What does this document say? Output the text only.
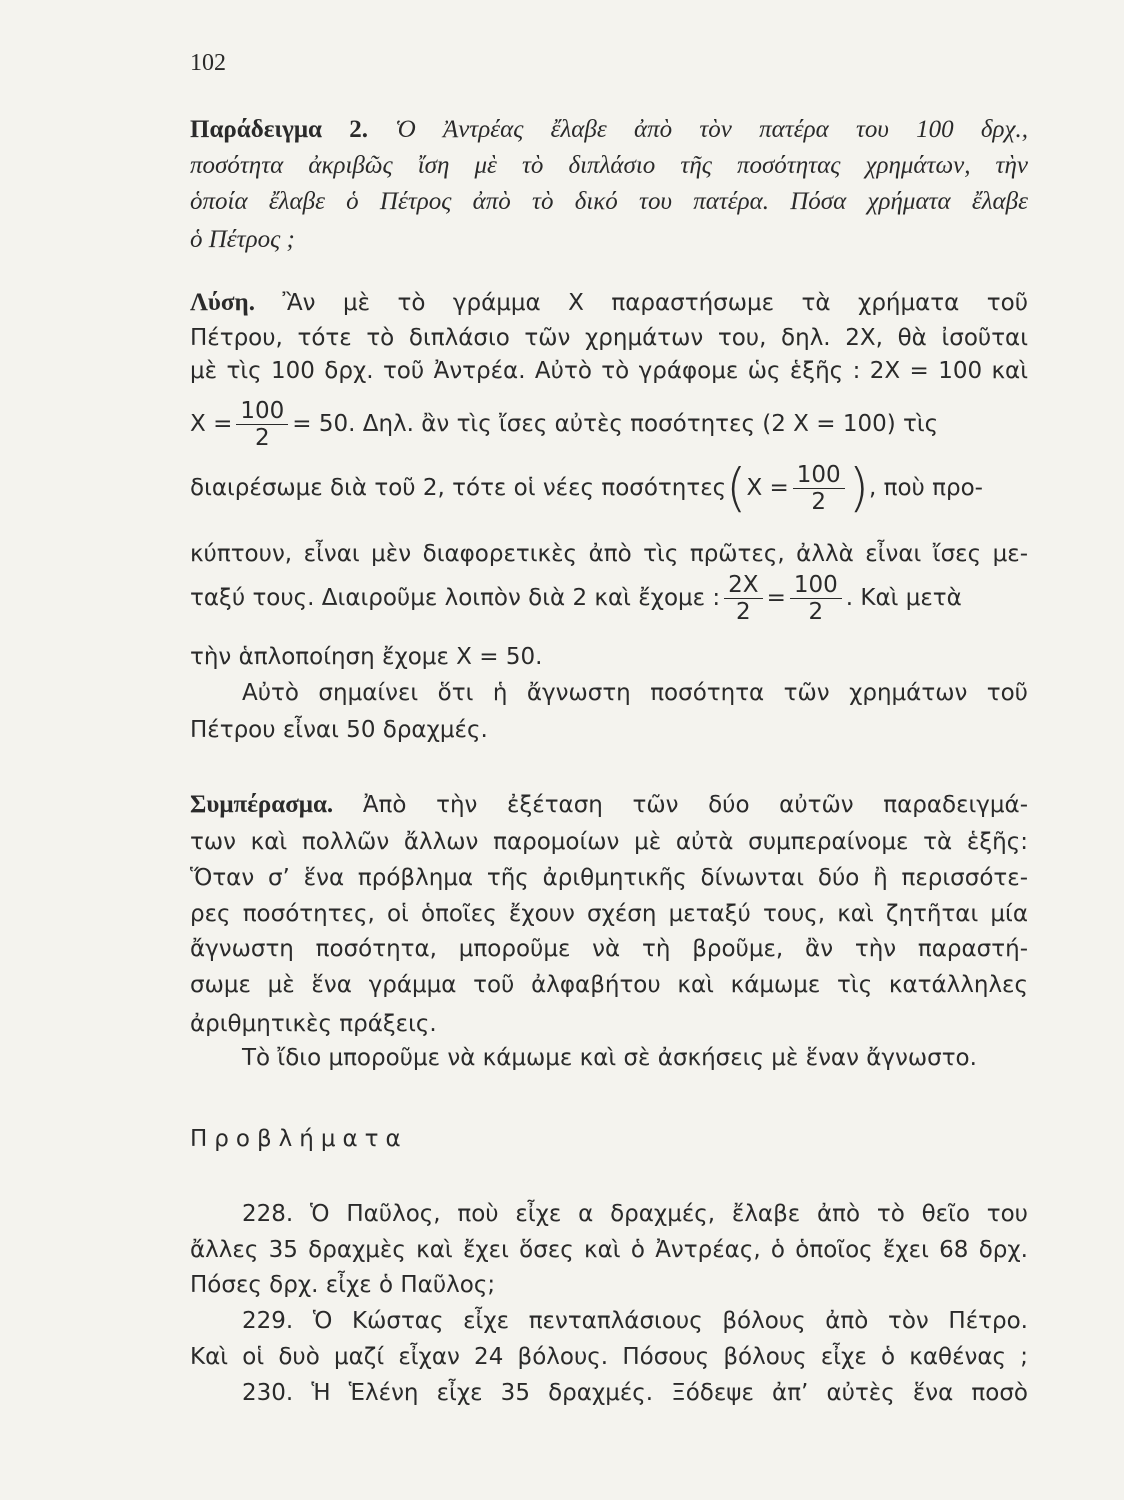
102
Παράδειγμα 2. Ὁ Ἀντρέας ἔλαβε ἀπὸ τὸν πατέρα του 100 δρχ.,
ποσότητα ἀκριβῶς ἴση μὲ τὸ διπλάσιο τῆς ποσότητας χρημάτων, τὴν
ὁποία ἔλαβε ὁ Πέτρος ἀπὸ τὸ δικό του πατέρα. Πόσα χρήματα ἔλαβε
ὁ Πέτρος ;
Λύση. Ἂν μὲ τὸ γράμμα Χ παραστήσωμε τὰ χρήματα τοῦ
Πέτρου, τότε τὸ διπλάσιο τῶν χρημάτων του, δηλ. 2Χ, θὰ ἰσοῦται
μὲ τὶς 100 δρχ. τοῦ Ἀντρέα. Αὐτὸ τὸ γράφομε ὡς ἑξῆς : 2Χ = 100 καὶ
$X = \frac{100}{2} = 50$. Δηλ. ἂν τὶς ἴσες αὐτὲς ποσότητες (2 Χ = 100) τὶς
διαιρέσωμε διὰ τοῦ 2, τότε οἱ νέες $\pi o\sigma ό\tau\eta\tau\varepsilon\varsigma(X = \frac{100}{2}$ ), ποὺ προ-
κύπτουν, εἶναι μὲν διαφορετικὲς ἀπὸ τὶς πρῶτες, ἀλλὰ εἶναι ἴσες με-
ταξύ τους. Διαιροῦμε λοιπὸν διὰ 2 καὶ ἔχομε : $\frac{2X}{2} = \frac{100}{2}$ . Καὶ μετὰ
τὴν ἁπλοποίηση ἔχομε Χ = 50.
Αὐτὸ σημαίνει ὅτι ἡ ἄγνωστη ποσότητα τῶν χρημάτων τοῦ
Πέτρου εἶναι 50 δραχμές.
Συμπέρασμα. Ἀπὸ τὴν ἐξέταση τῶν δύο αὐτῶν παραδειγμά-
των καὶ πολλῶν ἄλλων παρομοίων μὲ αὐτὰ συμπεραίνομε τὰ ἑξῆς:
Ὅταν σ’ ἕνα πρόβλημα τῆς ἀριθμητικῆς δίνωνται δύο ἢ περισσότε-
ρες ποσότητες, οἱ ὁποῖες ἔχουν σχέση μεταξύ τους, καὶ ζητῆται μία
ἄγνωστη ποσότητα, μποροῦμε νὰ τὴ βροῦμε, ἂν τὴν παραστή-
σωμε μὲ ἕνα γράμμα τοῦ ἀλφαβήτου καὶ κάμωμε τὶς κατάλληλες
ἀριθμητικὲς πράξεις.
Τὸ ἴδιο μποροῦμε νὰ κάμωμε καὶ σὲ ἀσκήσεις μὲ ἕναν ἄγνωστο.
Προβλήματα
228. Ὁ Παῦλος, ποὺ εἶχε α δραχμές, ἔλαβε ἀπὸ τὸ θεῖο του
ἄλλες 35 δραχμὲς καὶ ἔχει ὅσες καὶ ὁ Ἀντρέας, ὁ ὁποῖος ἔχει 68 δρχ.
Πόσες δρχ. εἶχε ὁ Παῦλος;
229. Ὁ Κώστας εἶχε πενταπλάσιους βόλους ἀπὸ τὸν Πέτρο.
Καὶ οἱ δυὸ μαζί εἶχαν 24 βόλους. Πόσους βόλους εἶχε ὁ καθένας ;
230. Ἡ Ἑλένη εἶχε 35 δραχμές. Ξόδεψε ἀπ’ αὐτὲς ἕνα ποσὸ
